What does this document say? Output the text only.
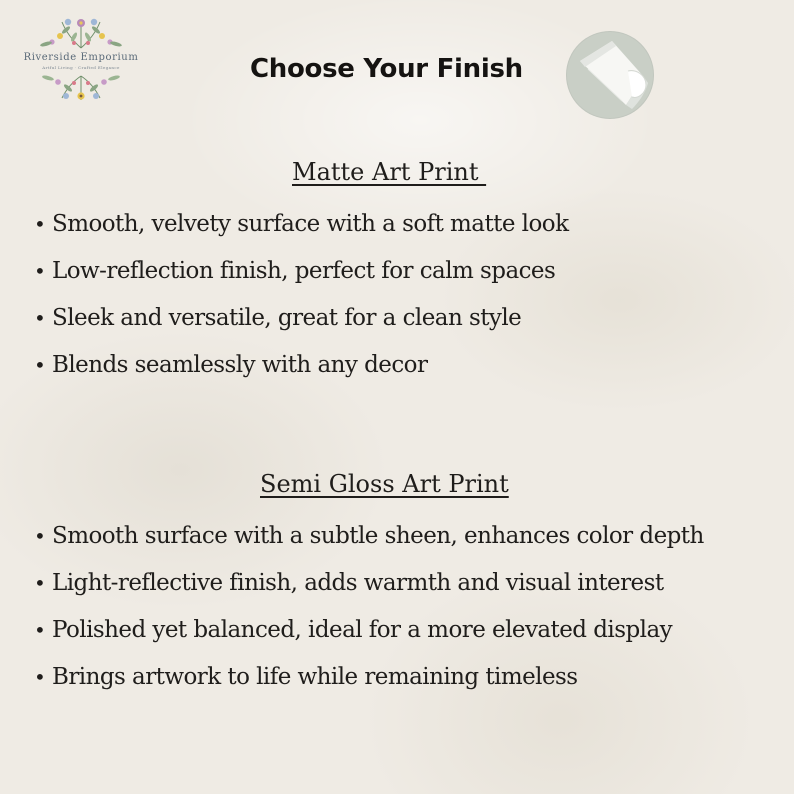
Riverside Emporium
Artful Living · Crafted Elegance	Choose Your Finish
Matte Art Print
• Smooth, velvety surface with a soft matte look
• Low-reflection finish, perfect for calm spaces
• Sleek and versatile, great for a clean style
• Blends seamlessly with any decor
Semi Gloss Art Print
• Smooth surface with a subtle sheen, enhances color depth
• Light-reflective finish, adds warmth and visual interest
• Polished yet balanced, ideal for a more elevated display
• Brings artwork to life while remaining timeless
